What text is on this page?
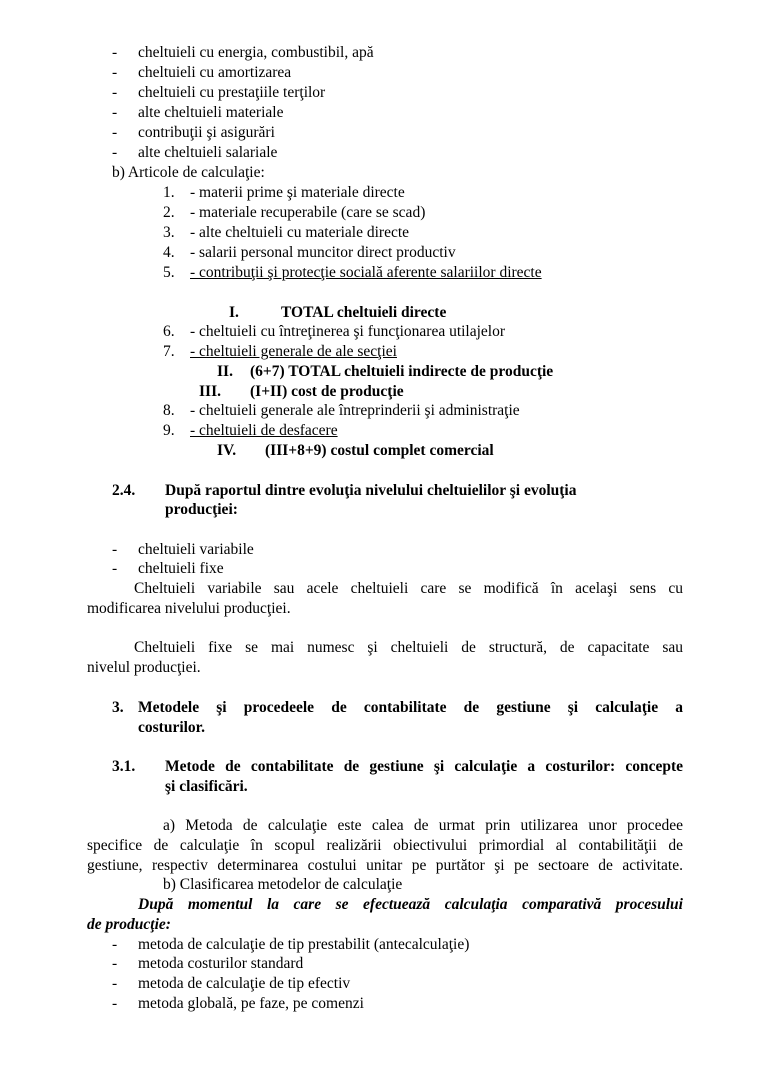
- cheltuieli cu energia, combustibil, apă
- cheltuieli cu amortizarea
- cheltuieli cu prestaţiile terţilor
- alte cheltuieli materiale
- contribuţii şi asigurări
- alte cheltuieli salariale
b) Articole de calculaţie:
1. - materii prime şi materiale directe
2. - materiale recuperabile (care se scad)
3. - alte cheltuieli cu materiale directe
4. - salarii personal muncitor direct productiv
5. - contribuţii şi protecţie socială aferente salariilor directe
I.	TOTAL cheltuieli directe
6. - cheltuieli cu întreţinerea şi funcţionarea utilajelor
7. - cheltuieli generale de ale secţiei
II. (6+7) TOTAL cheltuieli indirecte de producţie
III. (I+II) cost de producţie
8. - cheltuieli generale ale întreprinderii şi administraţie
9. - cheltuieli de desfacere
IV. (III+8+9) costul complet comercial
2.4. După raportul dintre evoluţia nivelului cheltuielilor şi evoluţia
producţiei:
- cheltuieli variabile
- cheltuieli fixe
Cheltuieli variabile sau acele cheltuieli care se modifică în acelaşi sens cu
modificarea nivelului producţiei.
Cheltuieli fixe se mai numesc şi cheltuieli de structură, de capacitate sau
nivelul producţiei.
3. Metodele şi procedeele de contabilitate de gestiune şi calculaţie a
costurilor.
3.1. Metode de contabilitate de gestiune şi calculaţie a costurilor: concepte
şi clasificări.
a) Metoda de calculaţie este calea de urmat prin utilizarea unor procedee
specifice de calculaţie în scopul realizării obiectivului primordial al contabilităţii de
gestiune, respectiv determinarea costului unitar pe purtător şi pe sectoare de activitate.
b) Clasificarea metodelor de calculaţie
După momentul la care se efectuează calculaţia comparativă procesului
de producţie:
- metoda de calculaţie de tip prestabilit (antecalculaţie)
- metoda costurilor standard
- metoda de calculaţie de tip efectiv
- metoda globală, pe faze, pe comenzi
